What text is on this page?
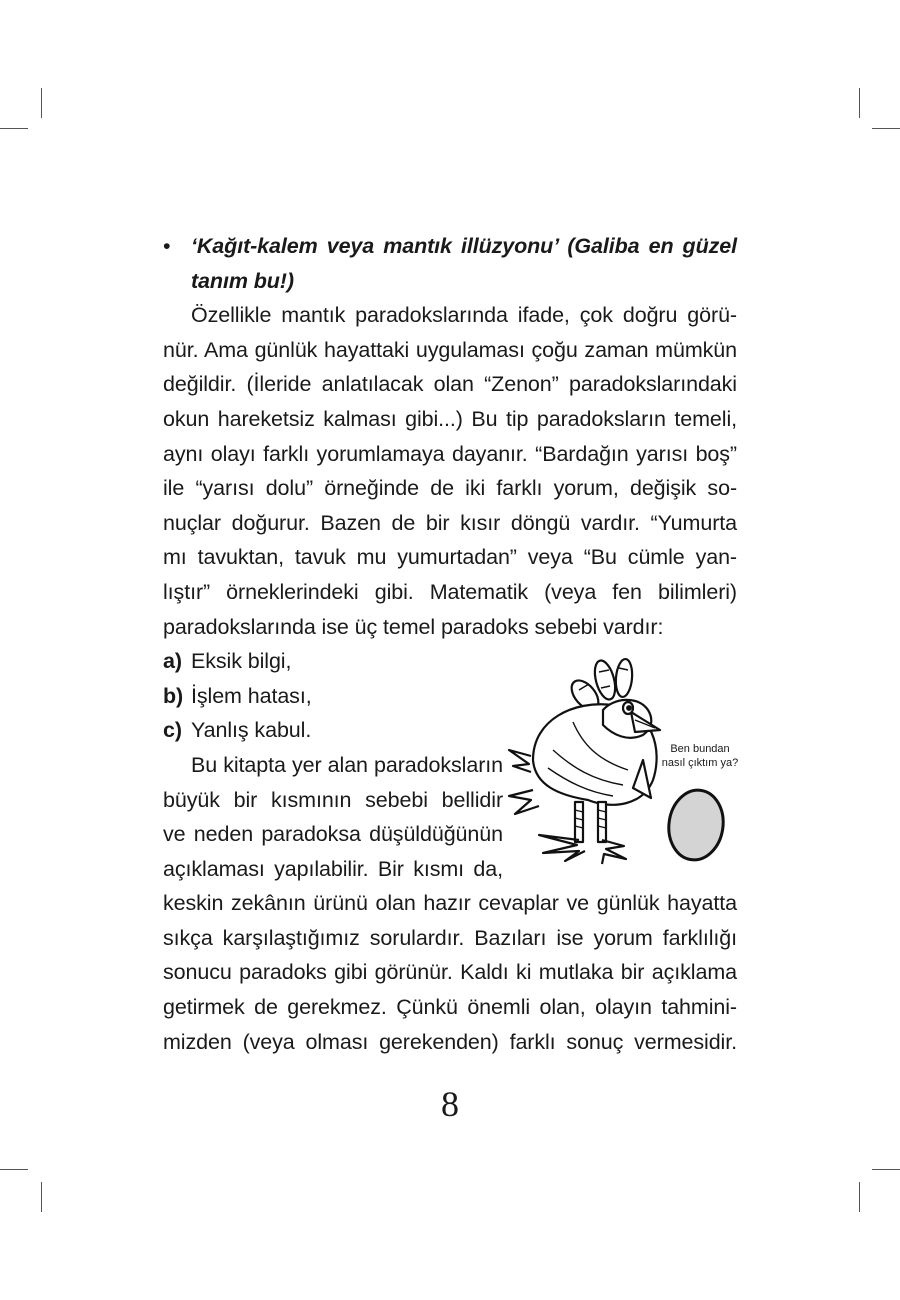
• ‘Kağıt-kalem veya mantık illüzyonu’ (Galiba en güzel
tanım bu!)
Özellikle mantık paradokslarında ifade, çok doğru görü-
nür. Ama günlük hayattaki uygulaması çoğu zaman mümkün
değildir. (İleride anlatılacak olan “Zenon” paradokslarındaki
okun hareketsiz kalması gibi...) Bu tip paradoksların temeli,
aynı olayı farklı yorumlamaya dayanır. “Bardağın yarısı boş”
ile “yarısı dolu” örneğinde de iki farklı yorum, değişik so-
nuçlar doğurur. Bazen de bir kısır döngü vardır. “Yumurta
mı tavuktan, tavuk mu yumurtadan” veya “Bu cümle yan-
lıştır” örneklerindeki gibi. Matematik (veya fen bilimleri)
paradokslarında ise üç temel paradoks sebebi vardır:
a) Eksik bilgi,
b) İşlem hatası,
c) Yanlış kabul.
Bu kitapta yer alan paradoksların
büyük bir kısmının sebebi bellidir
ve neden paradoksa düşüldüğünün
açıklaması yapılabilir. Bir kısmı da,
keskin zekânın ürünü olan hazır cevaplar ve günlük hayatta
sıkça karşılaştığımız sorulardır. Bazıları ise yorum farklılığı
sonucu paradoks gibi görünür. Kaldı ki mutlaka bir açıklama
getirmek de gerekmez. Çünkü önemli olan, olayın tahmini-
mizden (veya olması gerekenden) farklı sonuç vermesidir.
Ben bundan
nasıl çıktım ya?
8
